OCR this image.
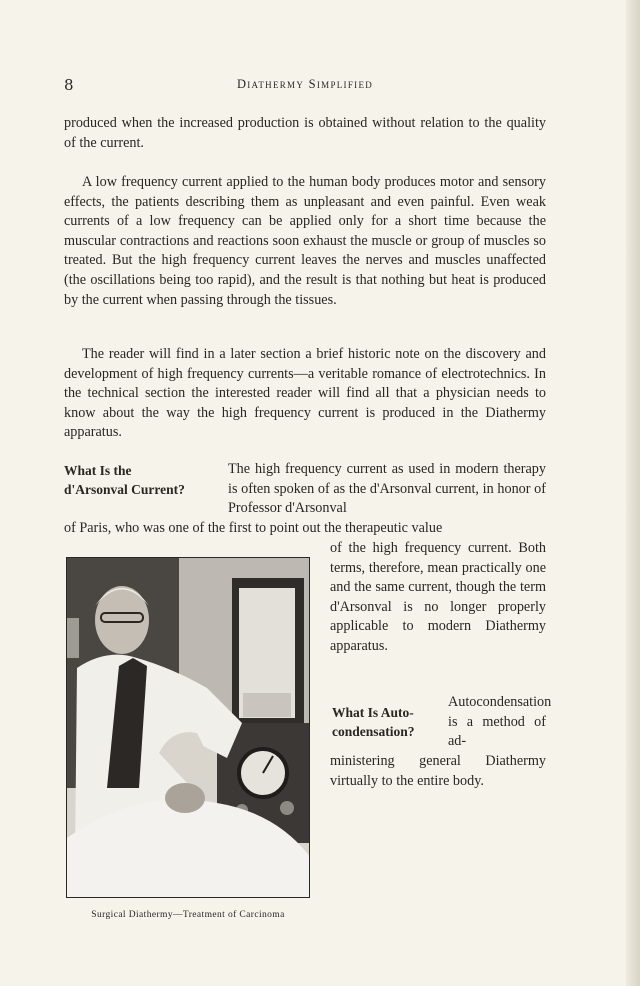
8	Diathermy Simplified

produced when the increased production is obtained without relation to the quality of the current.

A low frequency current applied to the human body produces motor and sensory effects, the patients describing them as unpleasant and even painful. Even weak currents of a low frequency can be applied only for a short time because the muscular contractions and reactions soon exhaust the muscle or group of muscles so treated. But the high frequency current leaves the nerves and muscles unaffected (the oscillations being too rapid), and the result is that nothing but heat is produced by the current when passing through the tissues.

The reader will find in a later section a brief historic note on the discovery and development of high frequency currents—a veritable romance of electrotechnics. In the technical section the interested reader will find all that a physician needs to know about the way the high frequency current is produced in the Diathermy apparatus.

What Is the
d'Arsonval Current?

The high frequency current as used in modern therapy is often spoken of as the d'Arsonval current, in honor of Professor d'Arsonval

of Paris, who was one of the first to point out the therapeutic value

of the high frequency current. Both terms, therefore, mean practically one and the same current, though the term d'Arsonval is no longer properly applicable to modern Diathermy apparatus.

What Is Auto-
condensation?

Autocondensation is a method of ad-

ministering general Diathermy virtually to the entire body.

Surgical Diathermy—Treatment of Carcinoma
